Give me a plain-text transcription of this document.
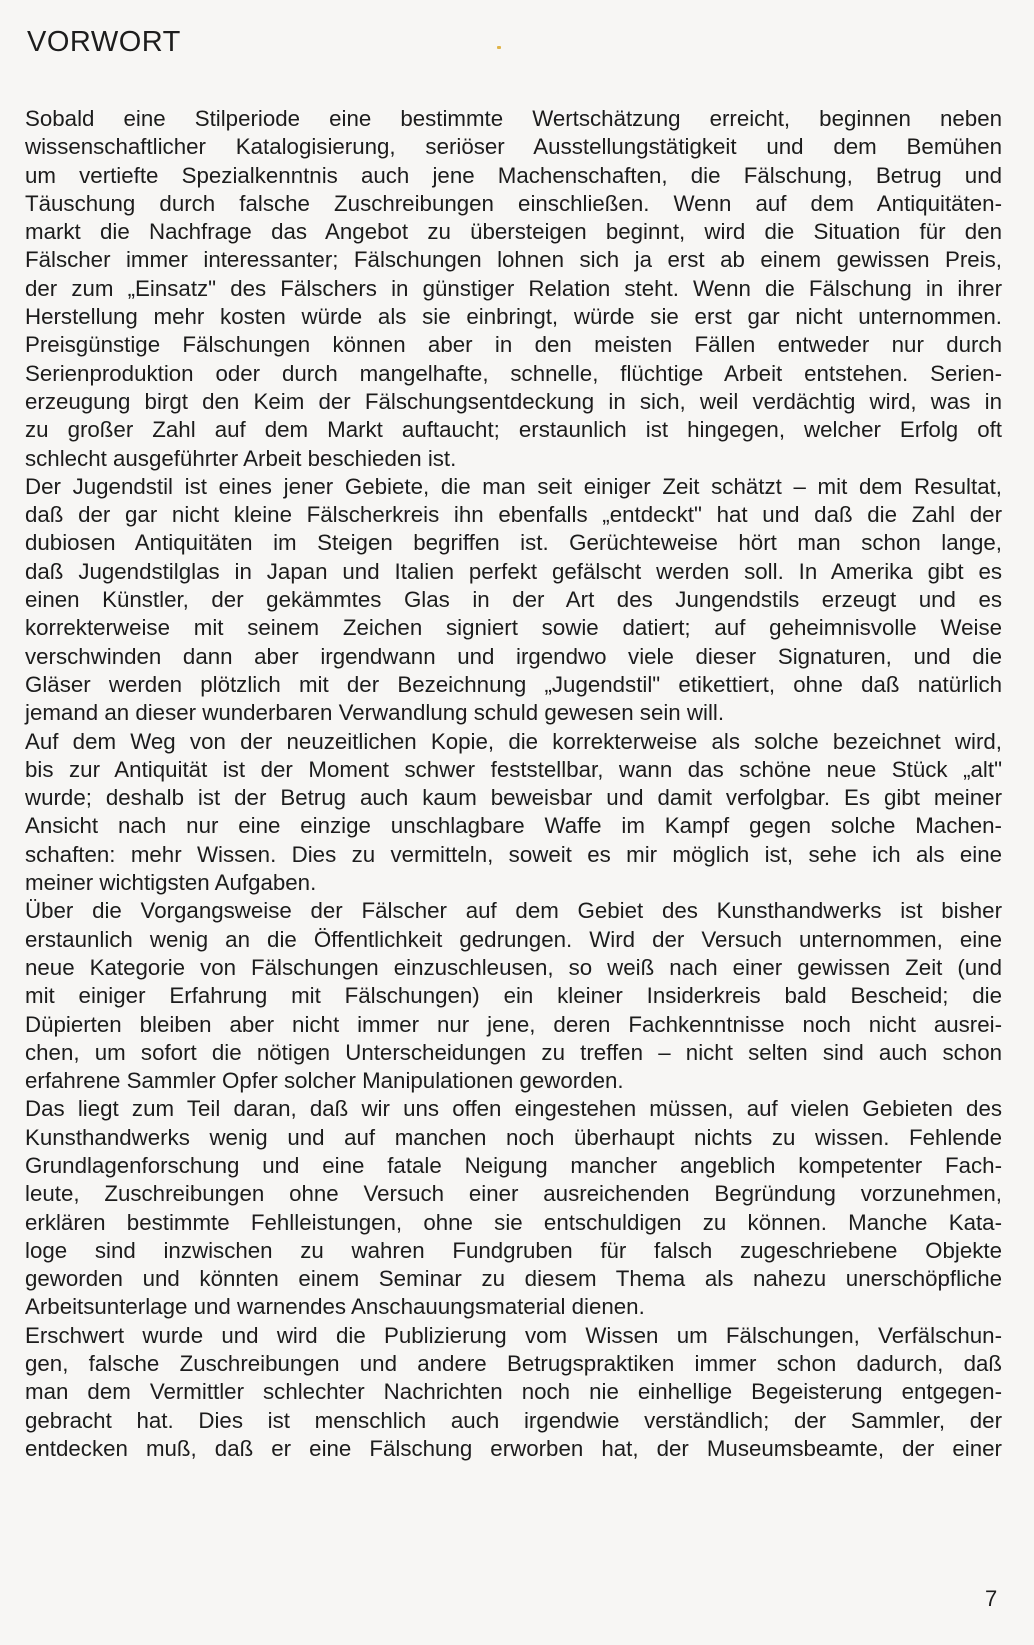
VORWORT
Sobald eine Stilperiode eine bestimmte Wertschätzung erreicht, beginnen neben
wissenschaftlicher Katalogisierung, seriöser Ausstellungstätigkeit und dem Bemühen
um vertiefte Spezialkenntnis auch jene Machenschaften, die Fälschung, Betrug und
Täuschung durch falsche Zuschreibungen einschließen. Wenn auf dem Antiquitäten-
markt die Nachfrage das Angebot zu übersteigen beginnt, wird die Situation für den
Fälscher immer interessanter; Fälschungen lohnen sich ja erst ab einem gewissen Preis,
der zum „Einsatz" des Fälschers in günstiger Relation steht. Wenn die Fälschung in ihrer
Herstellung mehr kosten würde als sie einbringt, würde sie erst gar nicht unternommen.
Preisgünstige Fälschungen können aber in den meisten Fällen entweder nur durch
Serienproduktion oder durch mangelhafte, schnelle, flüchtige Arbeit entstehen. Serien-
erzeugung birgt den Keim der Fälschungsentdeckung in sich, weil verdächtig wird, was in
zu großer Zahl auf dem Markt auftaucht; erstaunlich ist hingegen, welcher Erfolg oft
schlecht ausgeführter Arbeit beschieden ist.
Der Jugendstil ist eines jener Gebiete, die man seit einiger Zeit schätzt – mit dem Resultat,
daß der gar nicht kleine Fälscherkreis ihn ebenfalls „entdeckt" hat und daß die Zahl der
dubiosen Antiquitäten im Steigen begriffen ist. Gerüchteweise hört man schon lange,
daß Jugendstilglas in Japan und Italien perfekt gefälscht werden soll. In Amerika gibt es
einen Künstler, der gekämmtes Glas in der Art des Jungendstils erzeugt und es
korrekterweise mit seinem Zeichen signiert sowie datiert; auf geheimnisvolle Weise
verschwinden dann aber irgendwann und irgendwo viele dieser Signaturen, und die
Gläser werden plötzlich mit der Bezeichnung „Jugendstil" etikettiert, ohne daß natürlich
jemand an dieser wunderbaren Verwandlung schuld gewesen sein will.
Auf dem Weg von der neuzeitlichen Kopie, die korrekterweise als solche bezeichnet wird,
bis zur Antiquität ist der Moment schwer feststellbar, wann das schöne neue Stück „alt"
wurde; deshalb ist der Betrug auch kaum beweisbar und damit verfolgbar. Es gibt meiner
Ansicht nach nur eine einzige unschlagbare Waffe im Kampf gegen solche Machen-
schaften: mehr Wissen. Dies zu vermitteln, soweit es mir möglich ist, sehe ich als eine
meiner wichtigsten Aufgaben.
Über die Vorgangsweise der Fälscher auf dem Gebiet des Kunsthandwerks ist bisher
erstaunlich wenig an die Öffentlichkeit gedrungen. Wird der Versuch unternommen, eine
neue Kategorie von Fälschungen einzuschleusen, so weiß nach einer gewissen Zeit (und
mit einiger Erfahrung mit Fälschungen) ein kleiner Insiderkreis bald Bescheid; die
Düpierten bleiben aber nicht immer nur jene, deren Fachkenntnisse noch nicht ausrei-
chen, um sofort die nötigen Unterscheidungen zu treffen – nicht selten sind auch schon
erfahrene Sammler Opfer solcher Manipulationen geworden.
Das liegt zum Teil daran, daß wir uns offen eingestehen müssen, auf vielen Gebieten des
Kunsthandwerks wenig und auf manchen noch überhaupt nichts zu wissen. Fehlende
Grundlagenforschung und eine fatale Neigung mancher angeblich kompetenter Fach-
leute, Zuschreibungen ohne Versuch einer ausreichenden Begründung vorzunehmen,
erklären bestimmte Fehlleistungen, ohne sie entschuldigen zu können. Manche Kata-
loge sind inzwischen zu wahren Fundgruben für falsch zugeschriebene Objekte
geworden und könnten einem Seminar zu diesem Thema als nahezu unerschöpfliche
Arbeitsunterlage und warnendes Anschauungsmaterial dienen.
Erschwert wurde und wird die Publizierung vom Wissen um Fälschungen, Verfälschun-
gen, falsche Zuschreibungen und andere Betrugspraktiken immer schon dadurch, daß
man dem Vermittler schlechter Nachrichten noch nie einhellige Begeisterung entgegen-
gebracht hat. Dies ist menschlich auch irgendwie verständlich; der Sammler, der
entdecken muß, daß er eine Fälschung erworben hat, der Museumsbeamte, der einer
7
